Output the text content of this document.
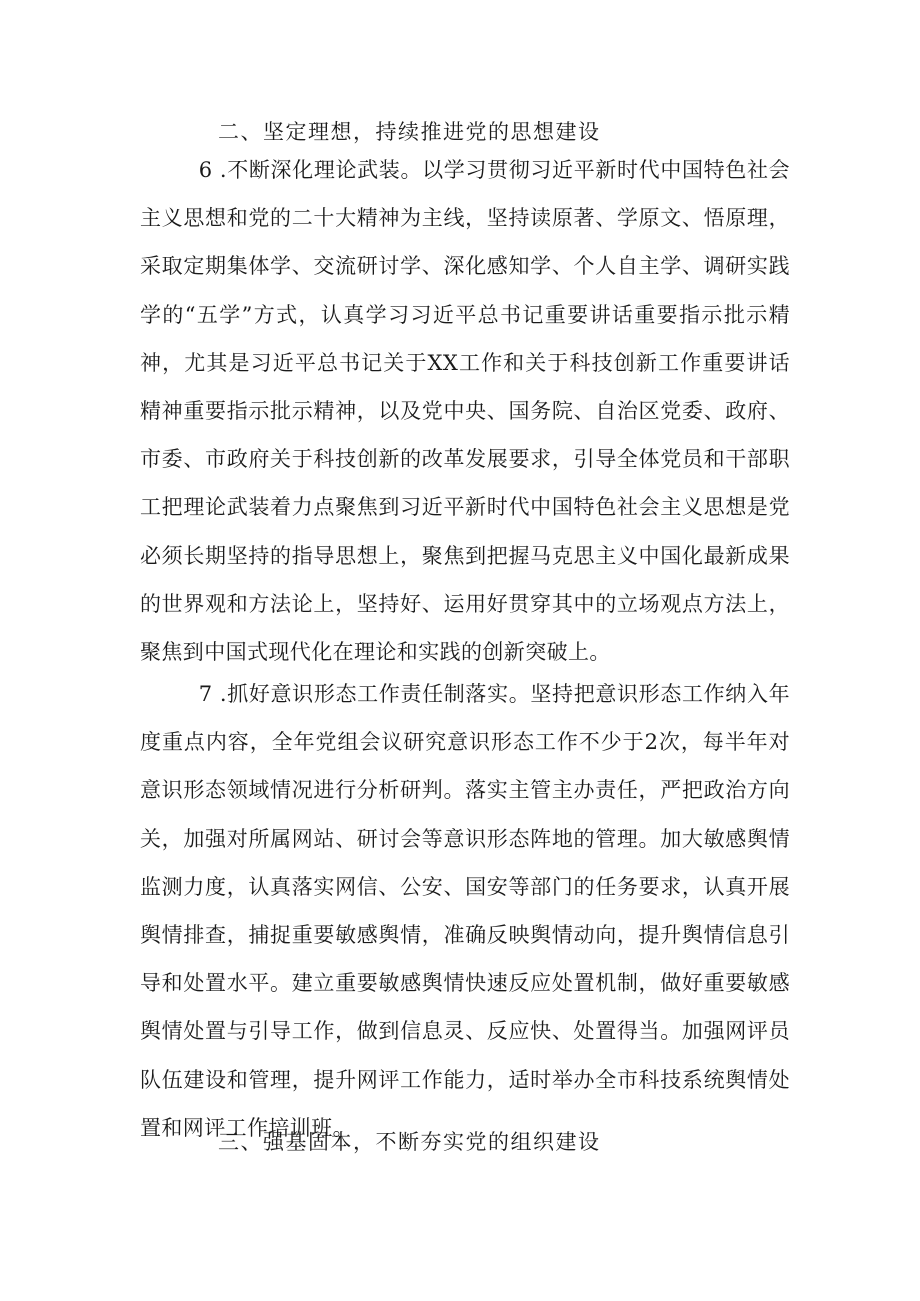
二、坚定理想，持续推进党的思想建设

6 .不断深化理论武装。以学习贯彻习近平新时代中国特色社会主义思想和党的二十大精神为主线，坚持读原著、学原文、悟原理，采取定期集体学、交流研讨学、深化感知学、个人自主学、调研实践学的“五学”方式，认真学习习近平总书记重要讲话重要指示批示精神，尤其是习近平总书记关于XX工作和关于科技创新工作重要讲话精神重要指示批示精神，以及党中央、国务院、自治区党委、政府、市委、市政府关于科技创新的改革发展要求，引导全体党员和干部职工把理论武装着力点聚焦到习近平新时代中国特色社会主义思想是党必须长期坚持的指导思想上，聚焦到把握马克思主义中国化最新成果的世界观和方法论上，坚持好、运用好贯穿其中的立场观点方法上，聚焦到中国式现代化在理论和实践的创新突破上。

7 .抓好意识形态工作责任制落实。坚持把意识形态工作纳入年度重点内容，全年党组会议研究意识形态工作不少于2次，每半年对意识形态领域情况进行分析研判。落实主管主办责任，严把政治方向关，加强对所属网站、研讨会等意识形态阵地的管理。加大敏感舆情监测力度，认真落实网信、公安、国安等部门的任务要求，认真开展舆情排查，捕捉重要敏感舆情，准确反映舆情动向，提升舆情信息引导和处置水平。建立重要敏感舆情快速反应处置机制，做好重要敏感舆情处置与引导工作，做到信息灵、反应快、处置得当。加强网评员队伍建设和管理，提升网评工作能力，适时举办全市科技系统舆情处置和网评工作培训班。

三、强基固本，不断夯实党的组织建设
